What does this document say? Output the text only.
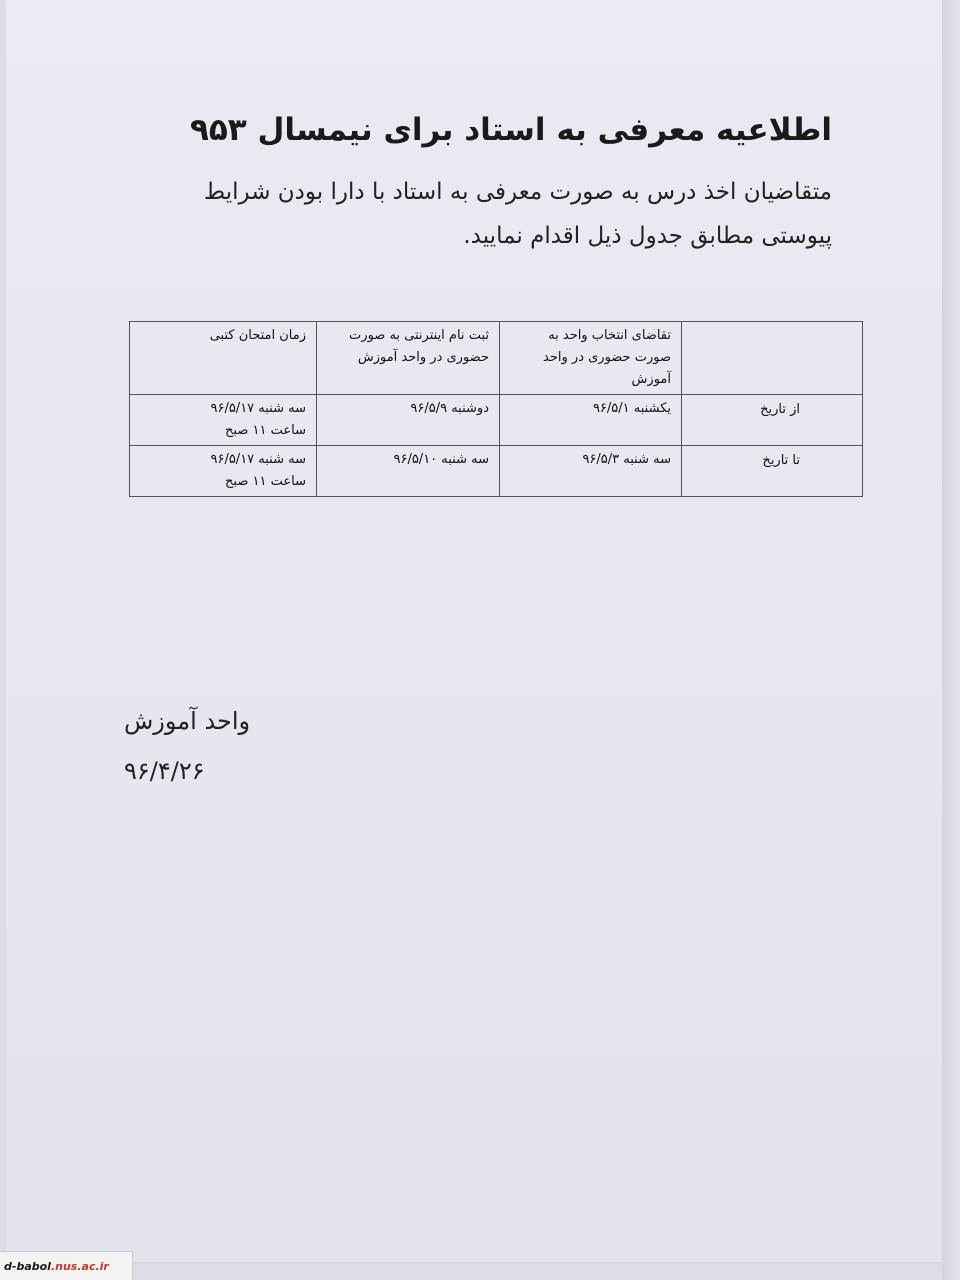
اطلاعیه معرفی به استاد برای نیمسال ۹۵۳
متقاضیان اخذ درس به صورت معرفی به استاد با دارا بودن شرایط
پیوستی مطابق جدول ذیل اقدام نمایید.
	تقاضای انتخاب واحد به صورت حضوری در واحد آموزش	ثبت نام اینترنتی به صورت حضوری در واحد آموزش	زمان امتحان کتبی
از تاریخ	یکشنبه ۹۶/۵/۱	دوشنبه ۹۶/۵/۹	سه شنبه ۹۶/۵/۱۷
ساعت ۱۱ صبح

تا تاریخ	سه شنبه ۹۶/۵/۳	سه شنبه ۹۶/۵/۱۰	سه شنبه ۹۶/۵/۱۷
ساعت ۱۱ صبح
واحد آموزش
۹۶/۴/۲۶
d-babol .nus.ac.ir
